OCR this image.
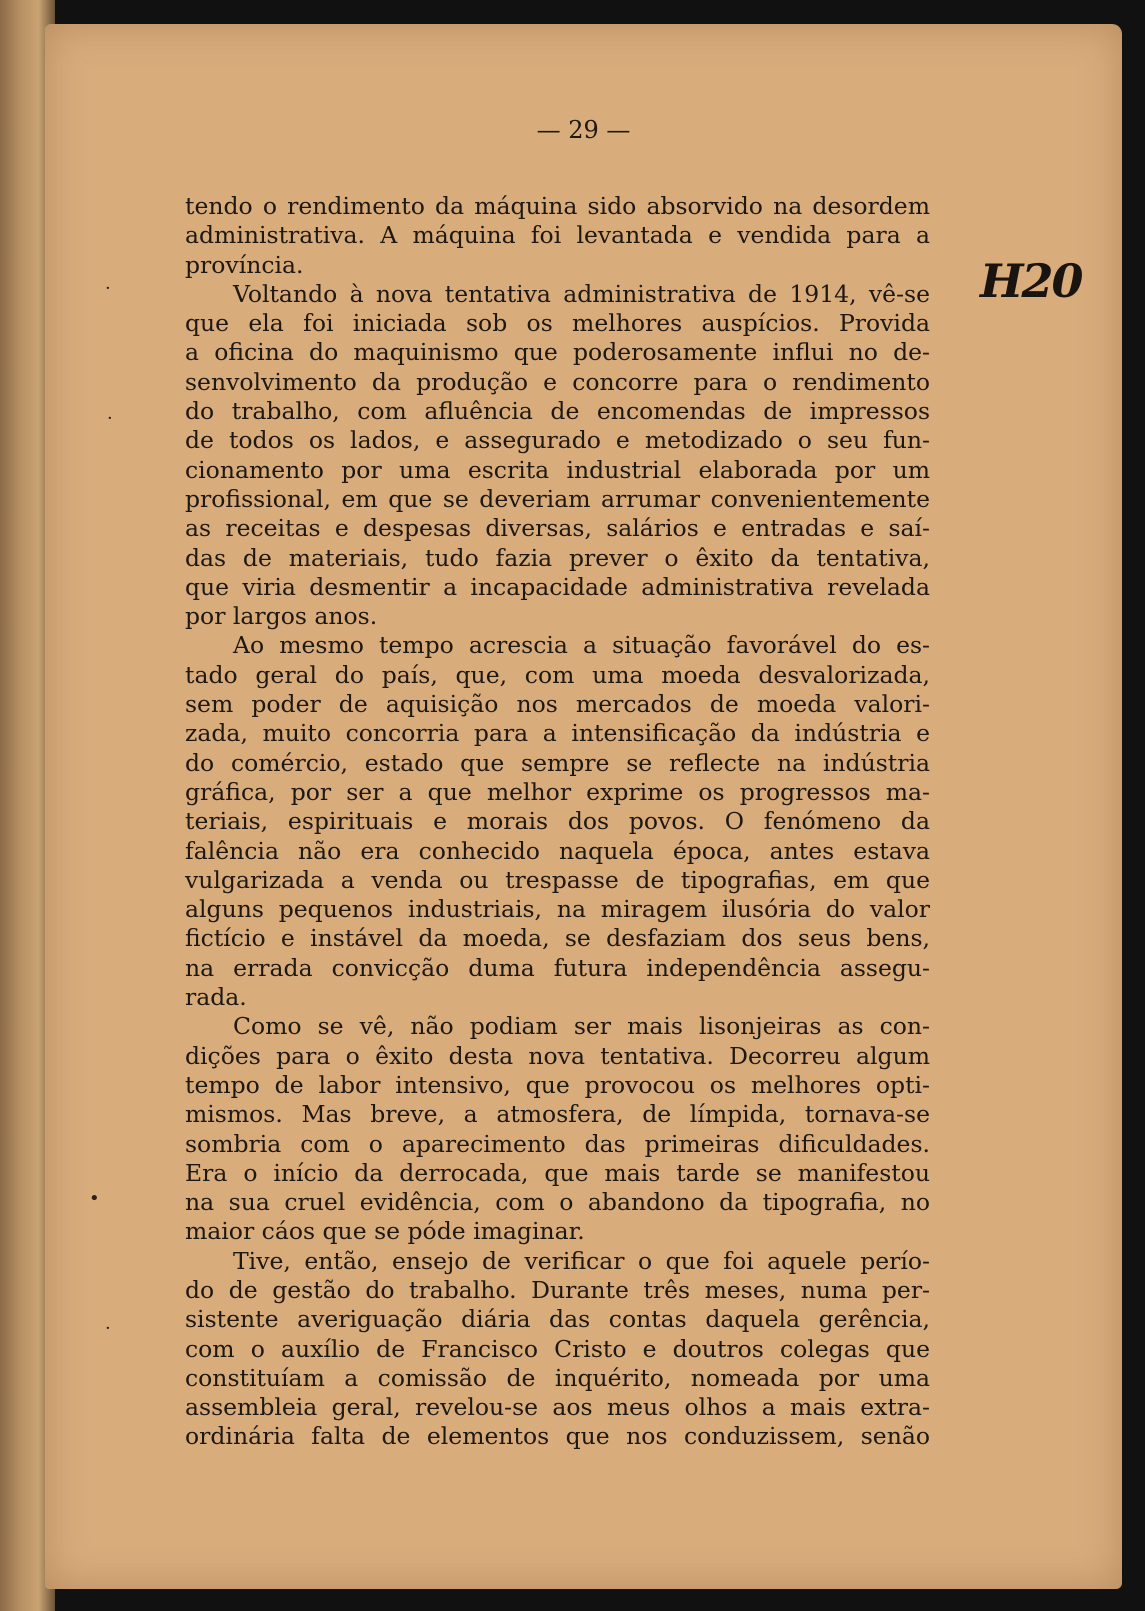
— 29 —
tendo o rendimento da máquina sido absorvido na desordem
administrativa. A máquina foi levantada e vendida para a
província.
Voltando à nova tentativa administrativa de 1914, vê-se
que ela foi iniciada sob os melhores auspícios. Provida
a oficina do maquinismo que poderosamente influi no de-
senvolvimento da produção e concorre para o rendimento
do trabalho, com afluência de encomendas de impressos
de todos os lados, e assegurado e metodizado o seu fun-
cionamento por uma escrita industrial elaborada por um
profissional, em que se deveriam arrumar convenientemente
as receitas e despesas diversas, salários e entradas e saí-
das de materiais, tudo fazia prever o êxito da tentativa,
que viria desmentir a incapacidade administrativa revelada
por largos anos.
Ao mesmo tempo acrescia a situação favorável do es-
tado geral do país, que, com uma moeda desvalorizada,
sem poder de aquisição nos mercados de moeda valori-
zada, muito concorria para a intensificação da indústria e
do comércio, estado que sempre se reflecte na indústria
gráfica, por ser a que melhor exprime os progressos ma-
teriais, espirituais e morais dos povos. O fenómeno da
falência não era conhecido naquela época, antes estava
vulgarizada a venda ou trespasse de tipografias, em que
alguns pequenos industriais, na miragem ilusória do valor
fictício e instável da moeda, se desfaziam dos seus bens,
na errada convicção duma futura independência assegu-
rada.
Como se vê, não podiam ser mais lisonjeiras as con-
dições para o êxito desta nova tentativa. Decorreu algum
tempo de labor intensivo, que provocou os melhores opti-
mismos. Mas breve, a atmosfera, de límpida, tornava-se
sombria com o aparecimento das primeiras dificuldades.
Era o início da derrocada, que mais tarde se manifestou
na sua cruel evidência, com o abandono da tipografia, no
maior cáos que se póde imaginar.
Tive, então, ensejo de verificar o que foi aquele perío-
do de gestão do trabalho. Durante três meses, numa per-
sistente averiguação diária das contas daquela gerência,
com o auxílio de Francisco Cristo e doutros colegas que
constituíam a comissão de inquérito, nomeada por uma
assembleia geral, revelou-se aos meus olhos a mais extra-
ordinária falta de elementos que nos conduzissem, senão
H20
·
·
•
·
